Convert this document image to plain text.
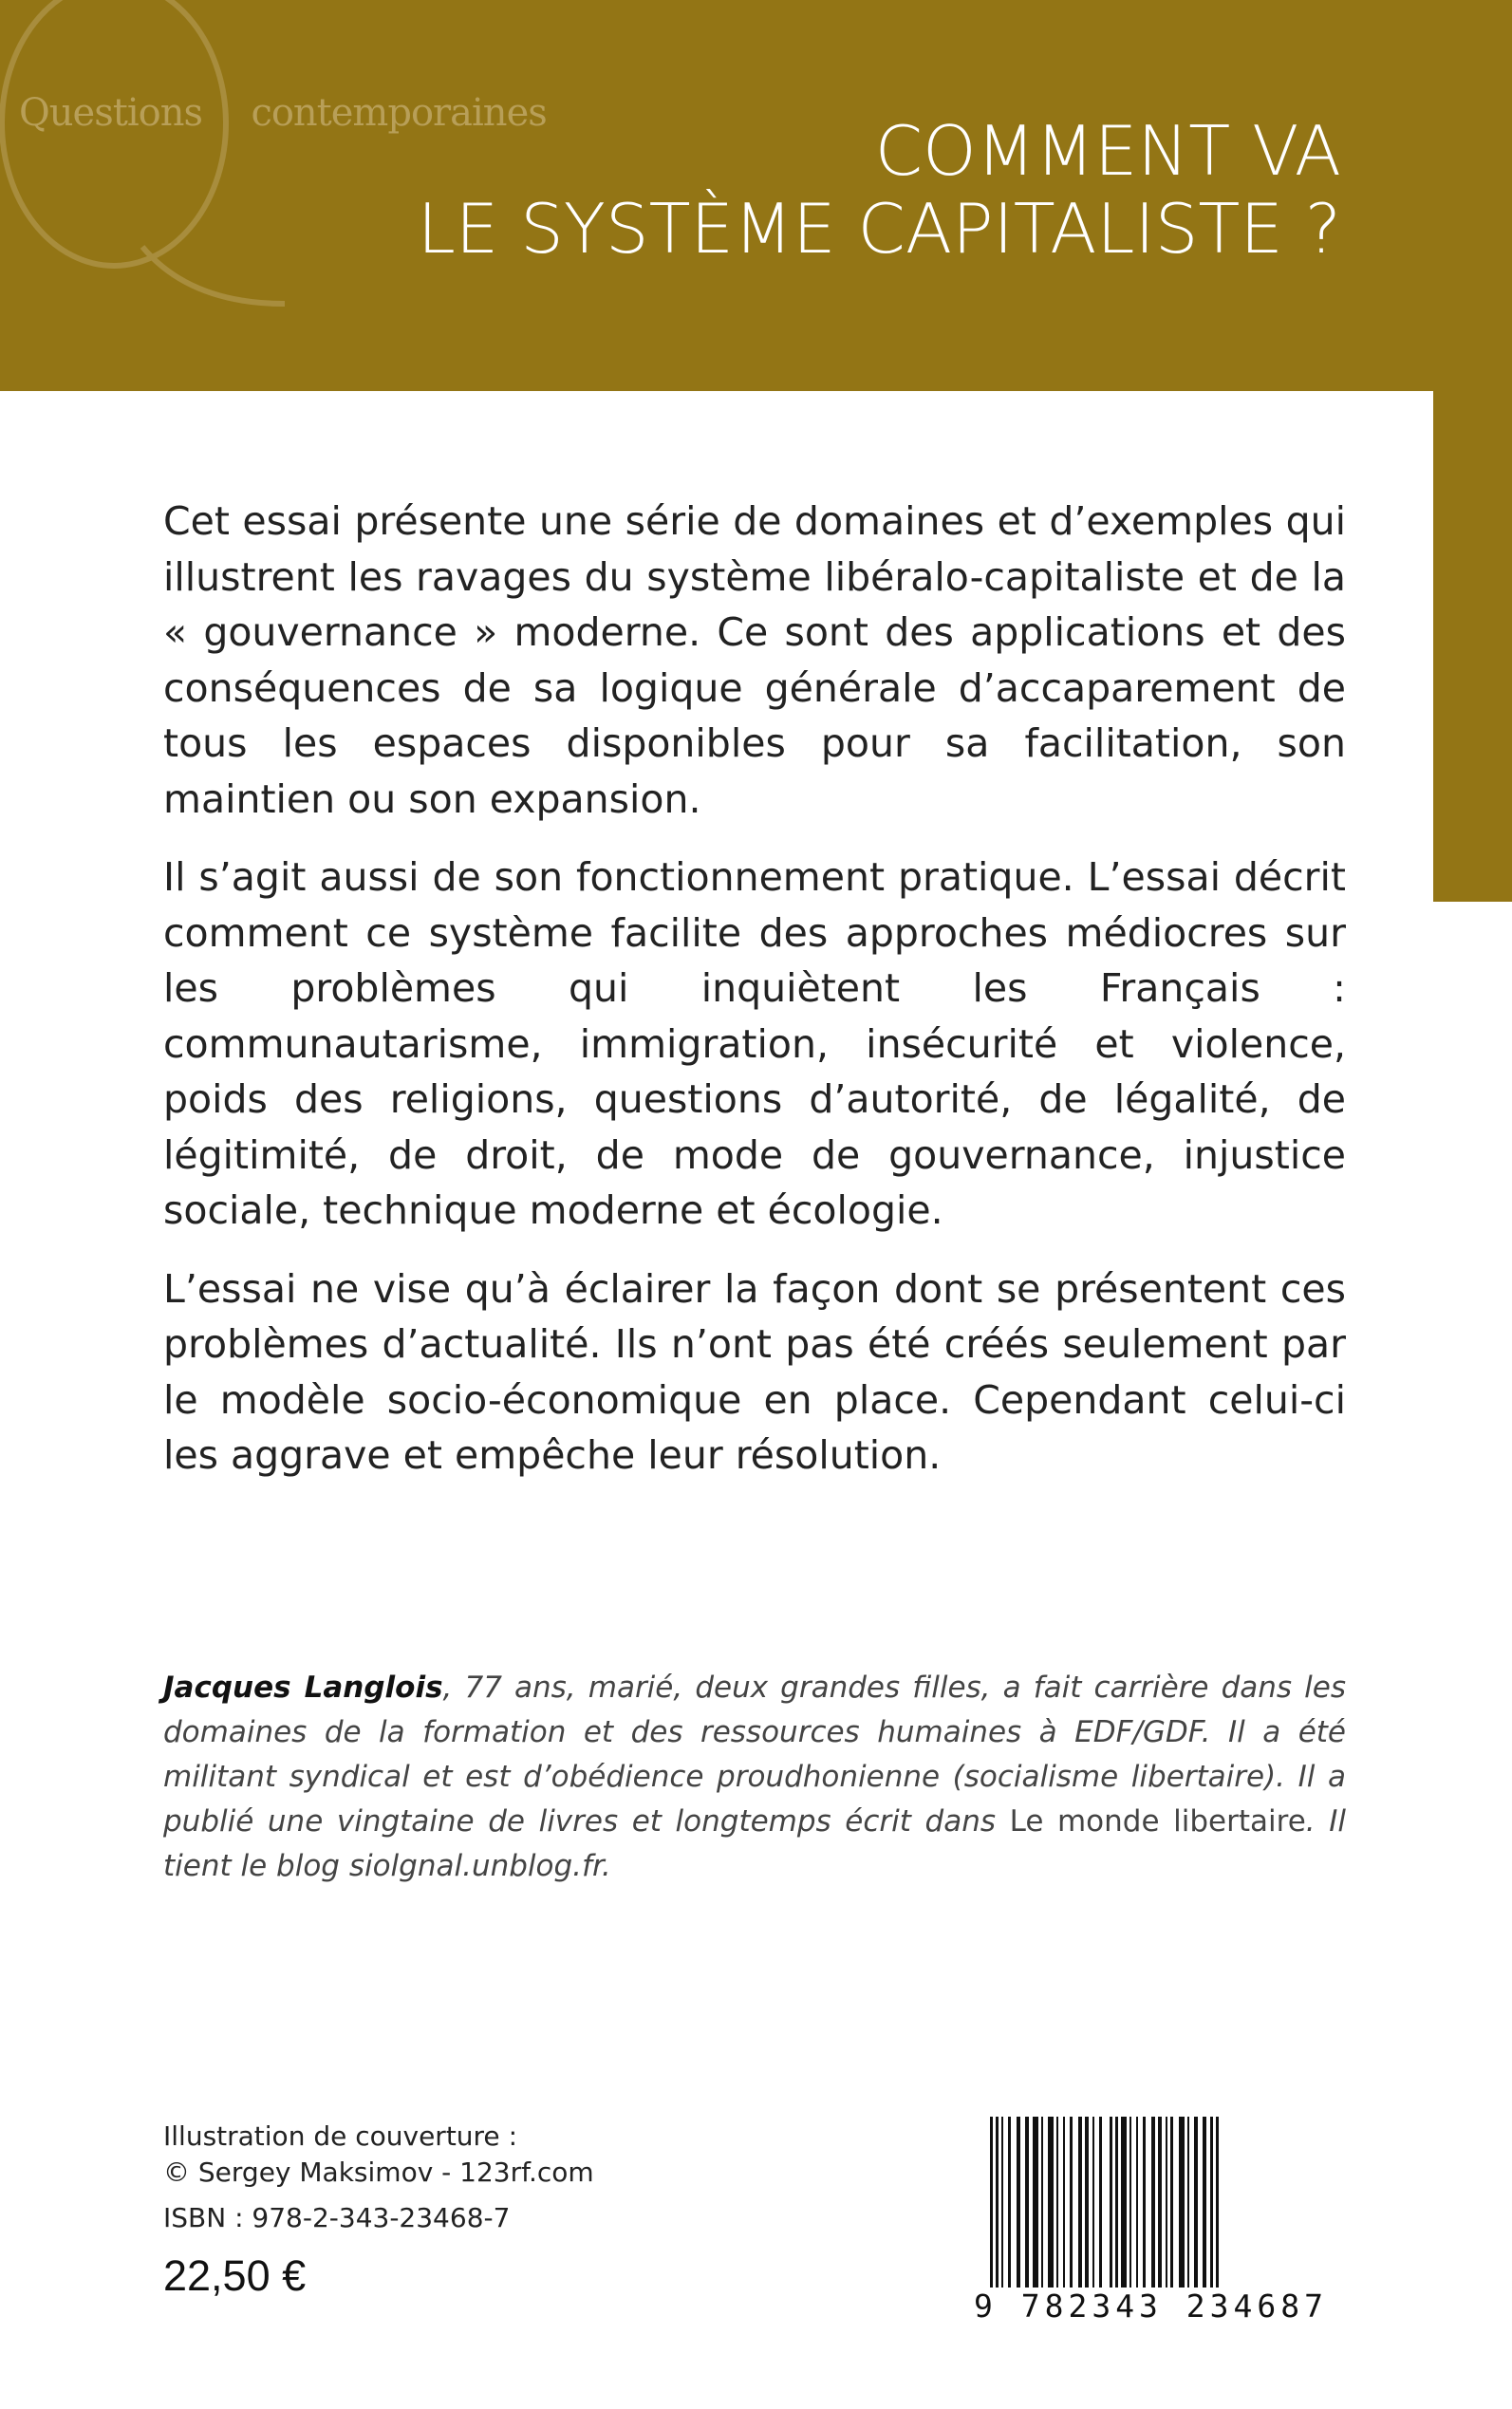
Questions contemporaines	COMMENT VA
LE SYSTÈME CAPITALISTE ?

Cet essai présente une série de domaines et d’exemples qui illustrent les ravages du système libéralo-capitaliste et de la « gouvernance » moderne. Ce sont des applications et des conséquences de sa logique générale d’accaparement de tous les espaces disponibles pour sa facilitation, son maintien ou son expansion.

Il s’agit aussi de son fonctionnement pratique. L’essai décrit comment ce système facilite des approches médiocres sur les problèmes qui inquiètent les Français : communautarisme, immigration, insécurité et violence, poids des religions, questions d’autorité, de légalité, de légitimité, de droit, de mode de gouvernance, injustice sociale, technique moderne et écologie.

L’essai ne vise qu’à éclairer la façon dont se présentent ces problèmes d’actualité. Ils n’ont pas été créés seulement par le modèle socio-économique en place. Cependant celui-ci les aggrave et empêche leur résolution.

Jacques Langlois, 77 ans, marié, deux grandes filles, a fait carrière dans les domaines de la formation et des ressources humaines à EDF/GDF. Il a été militant syndical et est d’obédience proudhonienne (socialisme libertaire). Il a publié une vingtaine de livres et longtemps écrit dans Le monde libertaire. Il tient le blog siolgnal.unblog.fr.
Illustration de couverture :
© Sergey Maksimov - 123rf.com
ISBN : 978-2-343-23468-7
22,50 €
9 782343 234687
